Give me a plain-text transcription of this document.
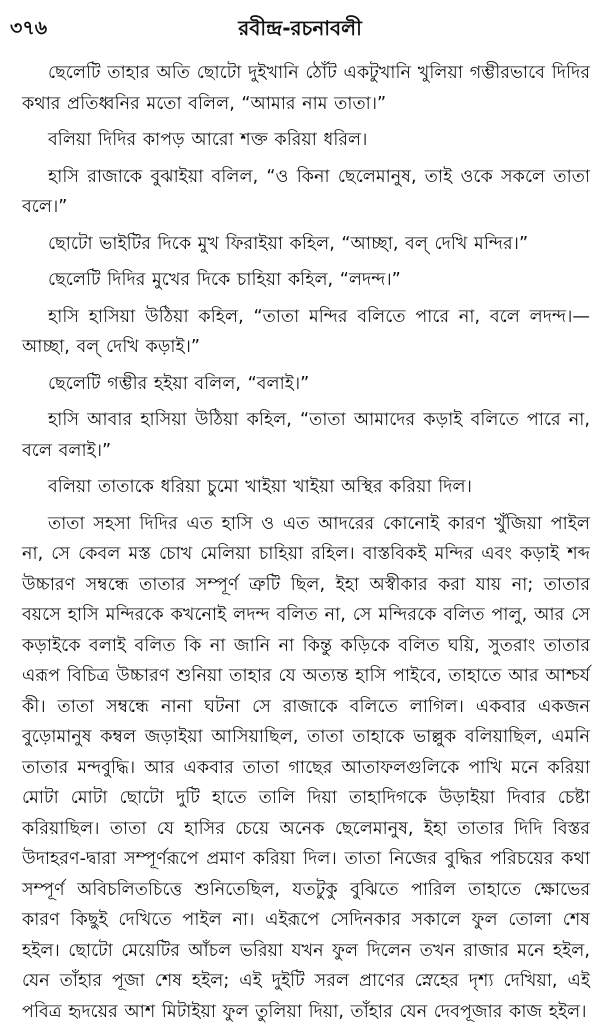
৩৭৬	রবীন্দ্র-রচনাবলী

ছেলেটি তাহার অতি ছোটো দুইখানি ঠোঁট একটুখানি খুলিয়া গম্ভীরভাবে দিদির কথার প্রতিধ্বনির মতো বলিল, “আমার নাম তাতা।”

বলিয়া দিদির কাপড় আরো শক্ত করিয়া ধরিল।

হাসি রাজাকে বুঝাইয়া বলিল, “ও কিনা ছেলেমানুষ, তাই ওকে সকলে তাতা বলে।”

ছোটো ভাইটির দিকে মুখ ফিরাইয়া কহিল, “আচ্ছা, বল্ দেখি মন্দির।”

ছেলেটি দিদির মুখের দিকে চাহিয়া কহিল, “লদন্দ।”

হাসি হাসিয়া উঠিয়া কহিল, “তাতা মন্দির বলিতে পারে না, বলে লদন্দ।— আচ্ছা, বল্ দেখি কড়াই।”

ছেলেটি গম্ভীর হইয়া বলিল, “বলাই।”

হাসি আবার হাসিয়া উঠিয়া কহিল, “তাতা আমাদের কড়াই বলিতে পারে না, বলে বলাই।”

বলিয়া তাতাকে ধরিয়া চুমো খাইয়া খাইয়া অস্থির করিয়া দিল।

তাতা সহসা দিদির এত হাসি ও এত আদরের কোনোই কারণ খুঁজিয়া পাইল না, সে কেবল মস্ত চোখ মেলিয়া চাহিয়া রহিল। বাস্তবিকই মন্দির এবং কড়াই শব্দ উচ্চারণ সম্বন্ধে তাতার সম্পূর্ণ ত্রুটি ছিল, ইহা অস্বীকার করা যায় না; তাতার বয়সে হাসি মন্দিরকে কখনোই লদন্দ বলিত না, সে মন্দিরকে বলিত পালু, আর সে কড়াইকে বলাই বলিত কি না জানি না কিন্তু কড়িকে বলিত ঘয়ি, সুতরাং তাতার এরূপ বিচিত্র উচ্চারণ শুনিয়া তাহার যে অত্যন্ত হাসি পাইবে, তাহাতে আর আশ্চর্য কী। তাতা সম্বন্ধে নানা ঘটনা সে রাজাকে বলিতে লাগিল। একবার একজন বুড়োমানুষ কম্বল জড়াইয়া আসিয়াছিল, তাতা তাহাকে ভাল্লুক বলিয়াছিল, এমনি তাতার মন্দবুদ্ধি। আর একবার তাতা গাছের আতাফলগুলিকে পাখি মনে করিয়া মোটা মোটা ছোটো দুটি হাতে তালি দিয়া তাহাদিগকে উড়াইয়া দিবার চেষ্টা করিয়াছিল। তাতা যে হাসির চেয়ে অনেক ছেলেমানুষ, ইহা তাতার দিদি বিস্তর উদাহরণ-দ্বারা সম্পূর্ণরূপে প্রমাণ করিয়া দিল। তাতা নিজের বুদ্ধির পরিচয়ের কথা সম্পূর্ণ অবিচলিতচিত্তে শুনিতেছিল, যতটুকু বুঝিতে পারিল তাহাতে ক্ষোভের কারণ কিছুই দেখিতে পাইল না। এইরূপে সেদিনকার সকালে ফুল তোলা শেষ হইল। ছোটো মেয়েটির আঁচল ভরিয়া যখন ফুল দিলেন তখন রাজার মনে হইল, যেন তাঁহার পূজা শেষ হইল; এই দুইটি সরল প্রাণের স্নেহের দৃশ্য দেখিয়া, এই পবিত্র হৃদয়ের আশ মিটাইয়া ফুল তুলিয়া দিয়া, তাঁহার যেন দেবপূজার কাজ হইল।
